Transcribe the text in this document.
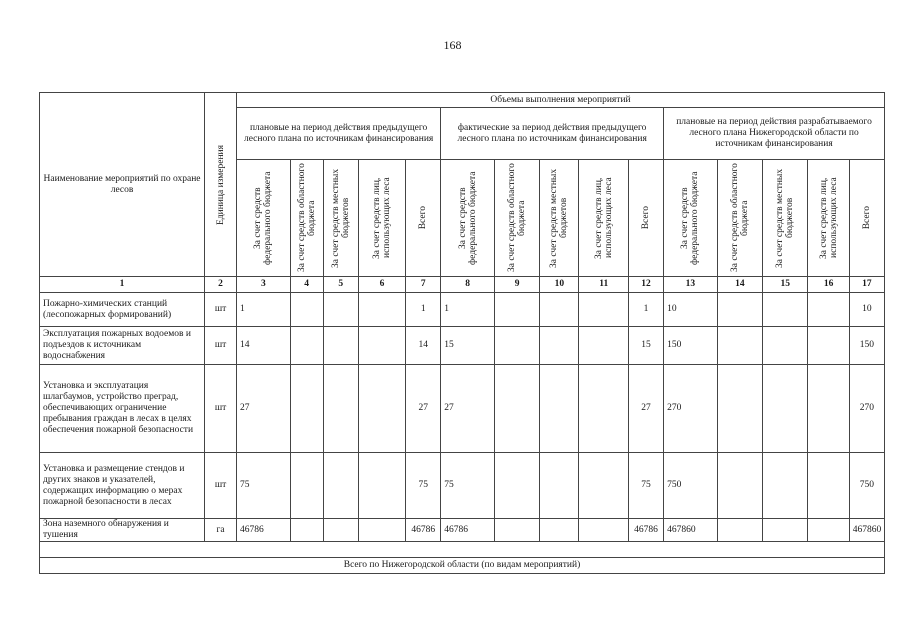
168
Наименование мероприятий по охране лесов	Единица измерения	Объемы выполнения мероприятий														
		плановые на период действия предыдущего лесного плана по источникам финансирования					фактические за период действия предыдущего лесного плана по источникам финансирования					плановые на период действия разрабатываемого лесного плана Нижегородской области по источникам финансирования				

		За счет средств федерального бюджета	За счет средств областного бюджета	За счет средств местных бюджетов	За счет средств лиц, использующих леса	Всего	За счет средств федерального бюджета	За счет средств областного бюджета	За счет средств местных бюджетов	За счет средств лиц, использующих леса	Всего	За счет средств федерального бюджета	За счет средств областного бюджета	За счет средств местных бюджетов	За счет средств лиц, использующих леса	Всего

1	2	3	4	5	6	7	8	9	10	11	12	13	14	15	16	17
Пожарно-химических станций (лесопожарных формирований)	шт	1				1	1				1	10				10
Эксплуатация пожарных водоемов и подъездов к источникам водоснабжения	шт	14				14	15				15	150				150
Установка и эксплуатация шлагбаумов, устройство преград, обеспечивающих ограничение пребывания граждан в лесах в целях обеспечения пожарной безопасности	шт	27				27	27				27	270				270
Установка и размещение стендов и других знаков и указателей, содержащих информацию о мерах пожарной безопасности в лесах	шт	75				75	75				75	750				750
Зона наземного обнаружения и тушения	га	46786				46786	46786				46786	467860				467860

Всего по Нижегородской области (по видам мероприятий)																
